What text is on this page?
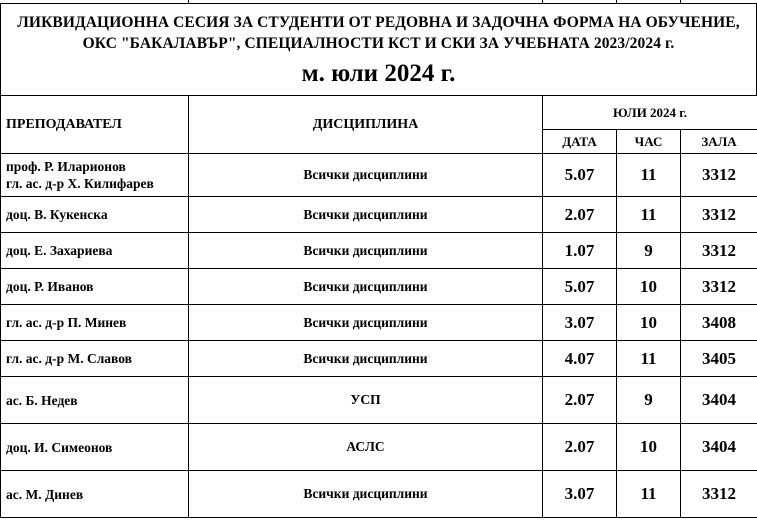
ЛИКВИДАЦИОННА СЕСИЯ ЗА СТУДЕНТИ ОТ РЕДОВНА И ЗАДОЧНА ФОРМА НА ОБУЧЕНИЕ,
ОКС "БАКАЛАВЪР", СПЕЦИАЛНОСТИ КСТ И СКИ ЗА УЧЕБНАТА 2023/2024 г.
м. юли 2024 г.
ПРЕПОДАВАТЕЛ	ДИСЦИПЛИНА	ЮЛИ 2024 г.		
		ДАТА	ЧАС	ЗАЛА

проф. Р. Иларионов
гл. ас. д-р Х. Килифарев	Всички дисциплини	5.07	11	3312
доц. В. Кукенска	Всички дисциплини	2.07	11	3312
доц. Е. Захариева	Всички дисциплини	1.07	9	3312
доц. Р. Иванов	Всички дисциплини	5.07	10	3312
гл. ас. д-р П. Минев	Всички дисциплини	3.07	10	3408
гл. ас. д-р М. Славов	Всички дисциплини	4.07	11	3405
ас. Б. Недев	УСП	2.07	9	3404
доц. И. Симеонов	АСЛС	2.07	10	3404
ас. М. Динев	Всички дисциплини	3.07	11	3312
